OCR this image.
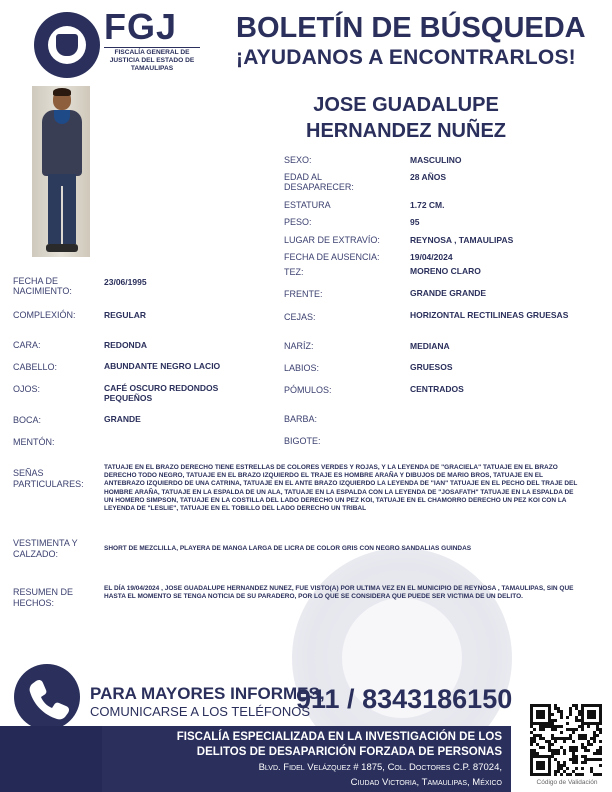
FGJ
FISCALÍA GENERAL DE JUSTICIA DEL ESTADO DE TAMAULIPAS
BOLETÍN DE BÚSQUEDA
¡AYUDANOS A ENCONTRARLOS!
JOSE GUADALUPE
HERNANDEZ NUÑEZ
SEXO:	MASCULINO
EDAD AL DESAPARECER:
28 AÑOS
ESTATURA	1.72 CM.
PESO:	95
LUGAR DE EXTRAVÍO:	REYNOSA , TAMAULIPAS
FECHA DE AUSENCIA:	19/04/2024
TEZ:	MORENO CLARO
FRENTE:	GRANDE GRANDE
CEJAS:	HORIZONTAL RECTILINEAS GRUESAS
NARÍZ:	MEDIANA
LABIOS:	GRUESOS
PÓMULOS:	CENTRADOS
BARBA:
BIGOTE:
FECHA DE NACIMIENTO:
23/06/1995
COMPLEXIÓN:	REGULAR
CARA:	REDONDA
CABELLO:	ABUNDANTE NEGRO LACIO
OJOS:	CAFÉ OSCURO REDONDOS PEQUEÑOS
BOCA:	GRANDE
MENTÓN:
SEÑAS PARTICULARES:
TATUAJE EN EL BRAZO DERECHO TIENE ESTRELLAS DE COLORES VERDES Y ROJAS, Y LA LEYENDA DE "GRACIELA" TATUAJE EN EL BRAZO DERECHO TODO NEGRO, TATUAJE EN EL BRAZO IZQUIERDO EL TRAJE ES HOMBRE ARAÑA Y DIBUJOS DE MARIO BROS, TATUAJE EN EL ANTEBRAZO IZQUIERDO DE UNA CATRINA, TATUAJE EN EL ANTE BRAZO IZQUIERDO LA LEYENDA DE "IAN" TATUAJE EN EL PECHO DEL TRAJE DEL HOMBRE ARAÑA, TATUAJE EN LA ESPALDA DE UN ALA, TATUAJE EN LA ESPALDA CON LA LEYENDA DE "JOSAFATH" TATUAJE EN LA ESPALDA DE UN HOMERO SIMPSON, TATUAJE EN LA COSTILLA DEL LADO DERECHO UN PEZ KOI, TATUAJE EN EL CHAMORRO DERECHO UN PEZ KOI CON LA LEYENDA DE "LESLIE", TATUAJE EN EL TOBILLO DEL LADO DERECHO UN TRIBAL
VESTIMENTA Y CALZADO:
SHORT DE MEZCLILLA, PLAYERA DE MANGA LARGA DE LICRA DE COLOR GRIS CON NEGRO SANDALIAS GUINDAS
RESUMEN DE HECHOS:
EL DÍA 19/04/2024 , JOSE GUADALUPE HERNANDEZ NUNEZ, FUE VISTO(A) POR ULTIMA VEZ EN EL MUNICIPIO DE REYNOSA , TAMAULIPAS, SIN QUE HASTA EL MOMENTO SE TENGA NOTICIA DE SU PARADERO, POR LO QUE SE CONSIDERA QUE PUEDE SER VICTIMA DE UN DELITO.
PARA MAYORES INFORMES,
COMUNICARSE A LOS TELÉFONOS
911 / 8343186150
FISCALÍA ESPECIALIZADA EN LA INVESTIGACIÓN DE LOS
DELITOS DE DESAPARICIÓN FORZADA DE PERSONAS
Blvd. Fidel Velázquez # 1875, Col. Doctores C.P. 87024,
Ciudad Victoria, Tamaulipas, México	Código de Validación
